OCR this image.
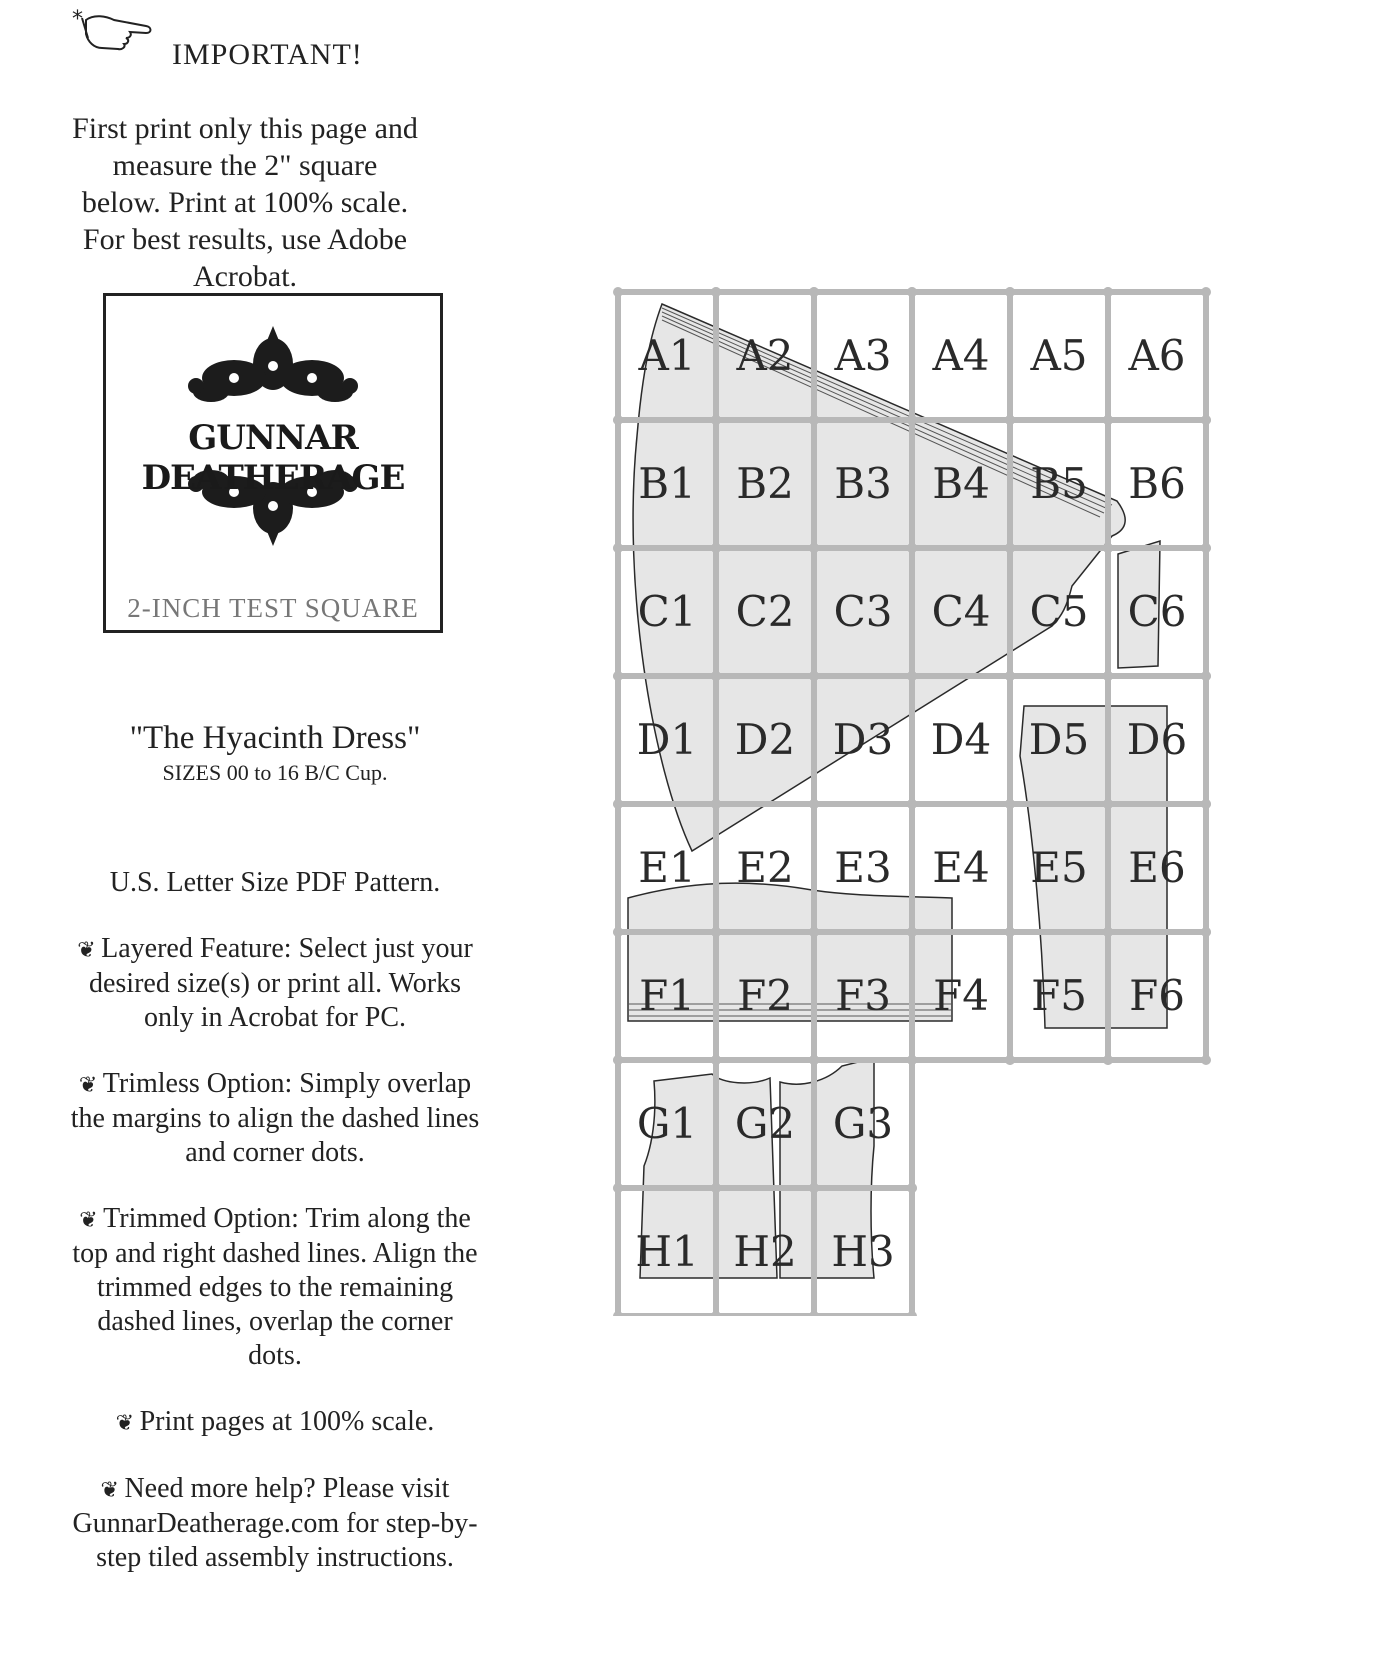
*
IMPORTANT!
First print only this page and measure the 2" square below. Print at 100% scale. For best results, use Adobe Acrobat.
GUNNAR DEATHERAGE
2-INCH TEST SQUARE
"The Hyacinth Dress"
SIZES 00 to 16 B/C Cup.
U.S. Letter Size PDF Pattern.
❦ Layered Feature: Select just your desired size(s) or print all. Works only in Acrobat for PC.
❦ Trimless Option: Simply overlap the margins to align the dashed lines and corner dots.
❦ Trimmed Option: Trim along the top and right dashed lines. Align the trimmed edges to the remaining dashed lines, overlap the corner dots.
❦ Print pages at 100% scale.
❦ Need more help? Please visit GunnarDeatherage.com for step-by-step tiled assembly instructions.
A1 A2 A3 A4 A5 A6
B1 B2 B3 B4 B5 B6
C1 C2 C3 C4 C5 C6
D1 D2 D3 D4 D5 D6
E1 E2 E3 E4 E5 E6
F1 F2 F3 F4 F5 F6
G1 G2 G3
H1 H2 H3
